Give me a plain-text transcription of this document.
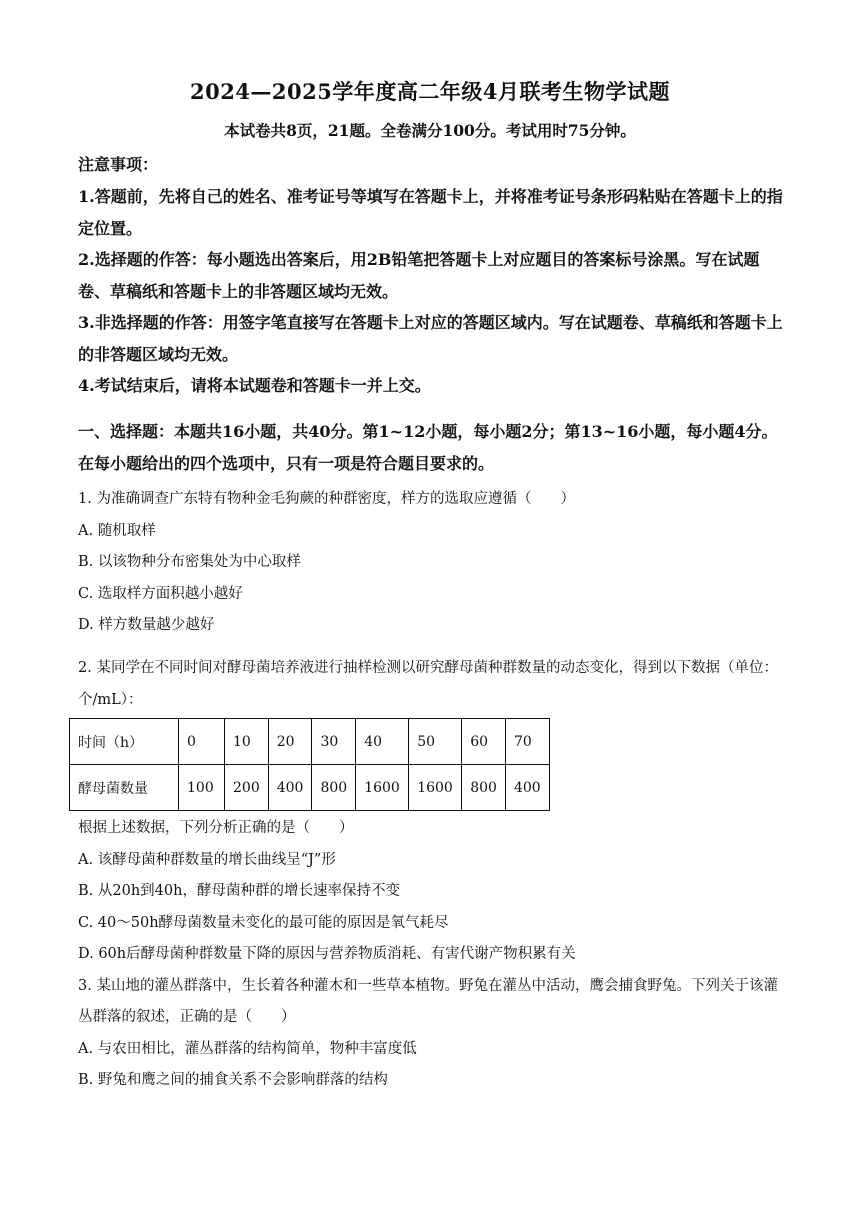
2024—2025学年度高二年级4月联考生物学试题
本试卷共8页，21题。全卷满分100分。考试用时75分钟。
注意事项：

1.答题前，先将自己的姓名、准考证号等填写在答题卡上，并将准考证号条形码粘贴在答题卡上的指定位置。

2.选择题的作答：每小题选出答案后，用2B铅笔把答题卡上对应题目的答案标号涂黑。写在试题卷、草稿纸和答题卡上的非答题区域均无效。

3.非选择题的作答：用签字笔直接写在答题卡上对应的答题区域内。写在试题卷、草稿纸和答题卡上的非答题区域均无效。

4.考试结束后，请将本试题卷和答题卡一并上交。

一、选择题：本题共16小题，共40分。第1~12小题，每小题2分；第13~16小题，每小题4分。在每小题给出的四个选项中，只有一项是符合题目要求的。

1. 为准确调查广东特有物种金毛狗蕨的种群密度，样方的选取应遵循（　　）

A. 随机取样

B. 以该物种分布密集处为中心取样

C. 选取样方面积越小越好

D. 样方数量越少越好

2. 某同学在不同时间对酵母菌培养液进行抽样检测以研究酵母菌种群数量的动态变化，得到以下数据（单位：个/mL）：

时间（h）	0	10	20	30	40	50	60	70
酵母菌数量	100	200	400	800	1600	1600	800	400

根据上述数据，下列分析正确的是（　　）

A. 该酵母菌种群数量的增长曲线呈“J”形

B. 从20h到40h，酵母菌种群的增长速率保持不变

C. 40～50h酵母菌数量未变化的最可能的原因是氧气耗尽

D. 60h后酵母菌种群数量下降的原因与营养物质消耗、有害代谢产物积累有关

3. 某山地的灌丛群落中，生长着各种灌木和一些草本植物。野兔在灌丛中活动，鹰会捕食野兔。下列关于该灌丛群落的叙述，正确的是（　　）

A. 与农田相比，灌丛群落的结构简单，物种丰富度低

B. 野兔和鹰之间的捕食关系不会影响群落的结构
